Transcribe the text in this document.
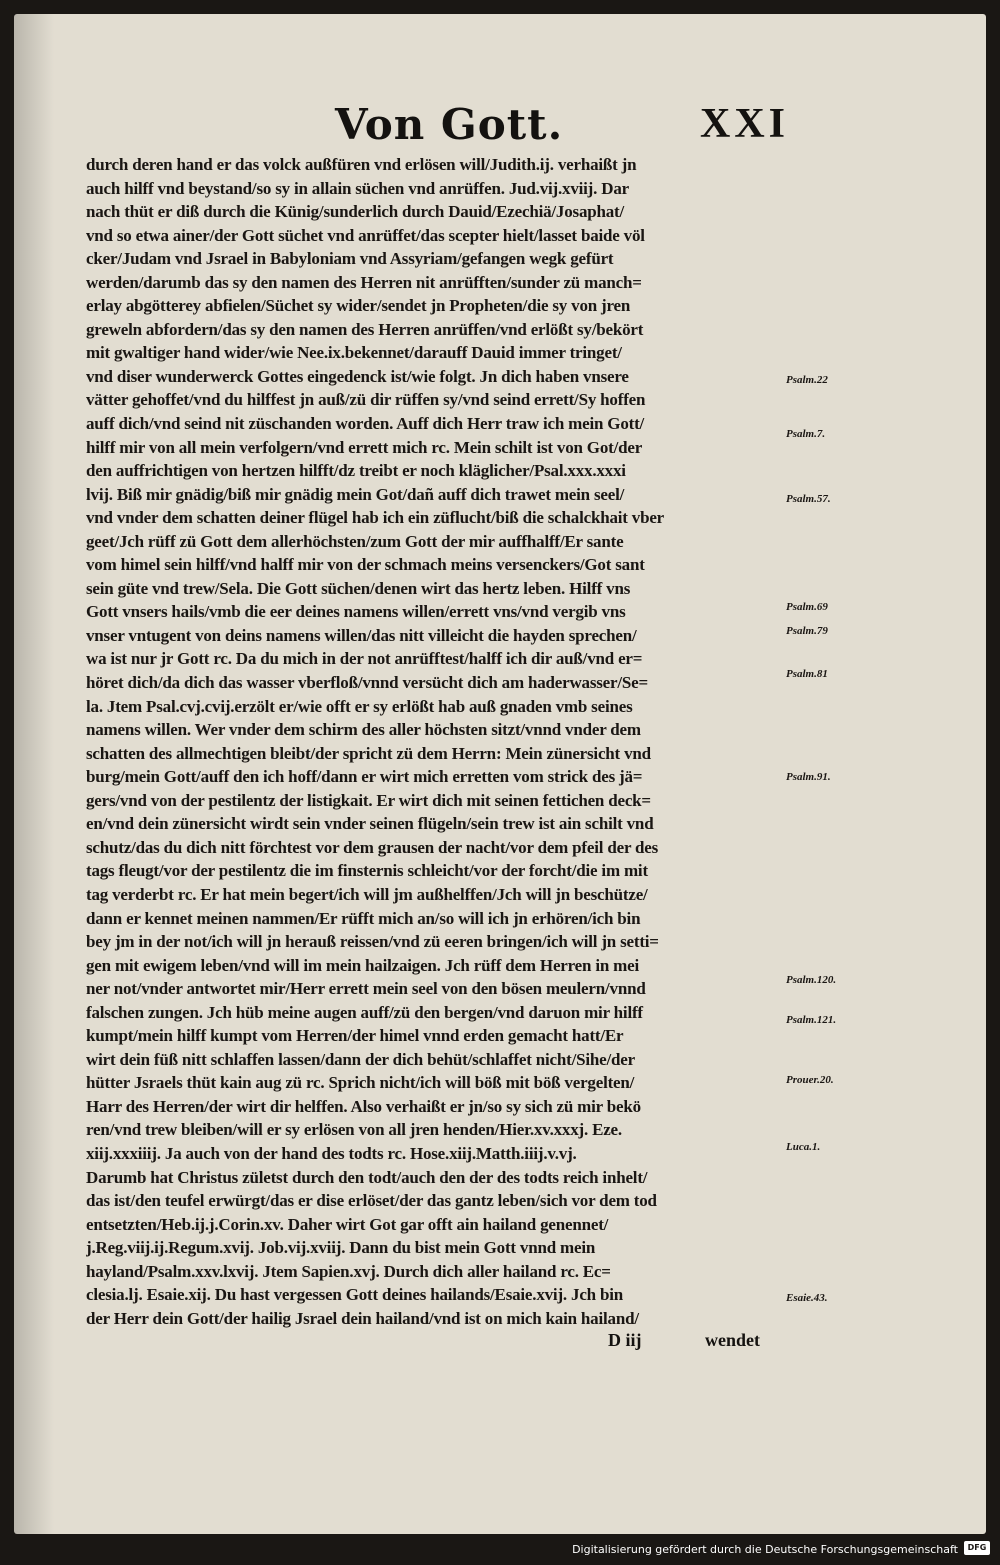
Von Gott.	XXI
durch deren hand er das volck außfüren vnd erlösen will/Judith.ij. verhaißt jn
auch hilff vnd beystand/so sy in allain süchen vnd anrüffen. Jud.vij.xviij. Dar
nach thüt er diß durch die Künig/sunderlich durch Dauid/Ezechiä/Josaphat/
vnd so etwa ainer/der Gott süchet vnd anrüffet/das scepter hielt/lasset baide völ
cker/Judam vnd Jsrael in Babyloniam vnd Assyriam/gefangen wegk gefürt
werden/darumb das sy den namen des Herren nit anrüfften/sunder zü manch=
erlay abgötterey abfielen/Süchet sy wider/sendet jn Propheten/die sy von jren
greweln abfordern/das sy den namen des Herren anrüffen/vnd erlößt sy/bekört
mit gwaltiger hand wider/wie Nee.ix.bekennet/darauff Dauid immer tringet/
vnd diser wunderwerck Gottes eingedenck ist/wie folgt. Jn dich haben vnsere
vätter gehoffet/vnd du hilffest jn auß/zü dir rüffen sy/vnd seind errett/Sy hoffen
auff dich/vnd seind nit züschanden worden. Auff dich Herr traw ich mein Gott/
hilff mir von all mein verfolgern/vnd errett mich rc. Mein schilt ist von Got/der
den auffrichtigen von hertzen hilfft/dz treibt er noch kläglicher/Psal.xxx.xxxi
lvij. Biß mir gnädig/biß mir gnädig mein Got/dañ auff dich trawet mein seel/
vnd vnder dem schatten deiner flügel hab ich ein züflucht/biß die schalckhait vber
geet/Jch rüff zü Gott dem allerhöchsten/zum Gott der mir auffhalff/Er sante
vom himel sein hilff/vnd halff mir von der schmach meins versenckers/Got sant
sein güte vnd trew/Sela. Die Gott süchen/denen wirt das hertz leben. Hilff vns
Gott vnsers hails/vmb die eer deines namens willen/errett vns/vnd vergib vns
vnser vntugent von deins namens willen/das nitt villeicht die hayden sprechen/
wa ist nur jr Gott rc. Da du mich in der not anrüfftest/halff ich dir auß/vnd er=
höret dich/da dich das wasser vberfloß/vnnd versücht dich am haderwasser/Se=
la. Jtem Psal.cvj.cvij.erzölt er/wie offt er sy erlößt hab auß gnaden vmb seines
namens willen. Wer vnder dem schirm des aller höchsten sitzt/vnnd vnder dem
schatten des allmechtigen bleibt/der spricht zü dem Herrn: Mein zünersicht vnd
burg/mein Gott/auff den ich hoff/dann er wirt mich erretten vom strick des jä=
gers/vnd von der pestilentz der listigkait. Er wirt dich mit seinen fettichen deck=
en/vnd dein zünersicht wirdt sein vnder seinen flügeln/sein trew ist ain schilt vnd
schutz/das du dich nitt förchtest vor dem grausen der nacht/vor dem pfeil der des
tags fleugt/vor der pestilentz die im finsternis schleicht/vor der forcht/die im mit
tag verderbt rc. Er hat mein begert/ich will jm außhelffen/Jch will jn beschütze/
dann er kennet meinen nammen/Er rüfft mich an/so will ich jn erhören/ich bin
bey jm in der not/ich will jn herauß reissen/vnd zü eeren bringen/ich will jn setti=
gen mit ewigem leben/vnd will im mein hailzaigen. Jch rüff dem Herren in mei
ner not/vnder antwortet mir/Herr errett mein seel von den bösen meulern/vnnd
falschen zungen. Jch hüb meine augen auff/zü den bergen/vnd daruon mir hilff
kumpt/mein hilff kumpt vom Herren/der himel vnnd erden gemacht hatt/Er
wirt dein füß nitt schlaffen lassen/dann der dich behüt/schlaffet nicht/Sihe/der
hütter Jsraels thüt kain aug zü rc. Sprich nicht/ich will böß mit böß vergelten/
Harr des Herren/der wirt dir helffen. Also verhaißt er jn/so sy sich zü mir bekö
ren/vnd trew bleiben/will er sy erlösen von all jren henden/Hier.xv.xxxj. Eze.
xiij.xxxiiij. Ja auch von der hand des todts rc. Hose.xiij.Matth.iiij.v.vj.
Darumb hat Christus zületst durch den todt/auch den der des todts reich inhelt/
das ist/den teufel erwürgt/das er dise erlöset/der das gantz leben/sich vor dem tod
entsetzten/Heb.ij.j.Corin.xv. Daher wirt Got gar offt ain hailand genennet/
j.Reg.viij.ij.Regum.xvij. Job.vij.xviij. Dann du bist mein Gott vnnd mein
hayland/Psalm.xxv.lxvij. Jtem Sapien.xvj. Durch dich aller hailand rc. Ec=
clesia.lj. Esaie.xij. Du hast vergessen Gott deines hailands/Esaie.xvij. Jch bin
der Herr dein Gott/der hailig Jsrael dein hailand/vnd ist on mich kain hailand/
Psalm.22
Psalm.7.
Psalm.57.
Psalm.69
Psalm.79
Psalm.81
Psalm.91.
Psalm.120.
Psalm.121.
Prouer.20.
Luca.1.
Esaie.43.
D iij	wendet
Digitalisierung gefördert durch die Deutsche Forschungsgemeinschaft	DFG
